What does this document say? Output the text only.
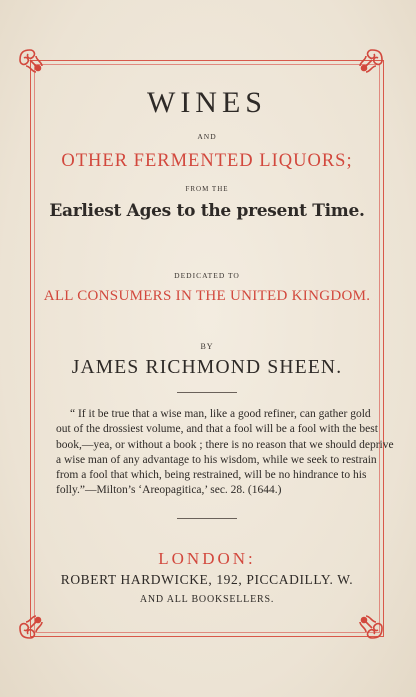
WINES
AND
OTHER FERMENTED LIQUORS;
FROM THE
Earliest Ages to the present Time.
DEDICATED TO
ALL CONSUMERS IN THE UNITED KINGDOM.
BY
JAMES RICHMOND SHEEN.
“ If it be true that a wise man, like a good refiner, can gather gold
out of the drossiest volume, and that a fool will be a fool with the best
book,—yea, or without a book ; there is no reason that we should deprive
a wise man of any advantage to his wisdom, while we seek to restrain
from a fool that which, being restrained, will be no hindrance to his
folly.”—Milton’s ‘Areopagitica,’ sec. 28. (1644.)
LONDON:
ROBERT HARDWICKE, 192, PICCADILLY. W.
AND ALL BOOKSELLERS.
